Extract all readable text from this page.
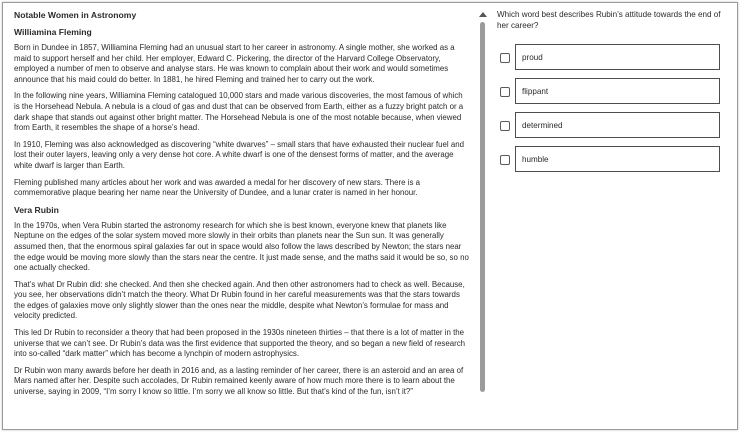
Notable Women in Astronomy
Williamina Fleming

Born in Dundee in 1857, Williamina Fleming had an unusual start to her career in astronomy. A single mother, she worked as a maid to support herself and her child. Her employer, Edward C. Pickering, the director of the Harvard College Observatory, employed a number of men to observe and analyse stars. He was known to complain about their work and would sometimes announce that his maid could do better. In 1881, he hired Fleming and trained her to carry out the work.

In the following nine years, Williamina Fleming catalogued 10,000 stars and made various discoveries, the most famous of which is the Horsehead Nebula. A nebula is a cloud of gas and dust that can be observed from Earth, either as a fuzzy bright patch or a dark shape that stands out against other bright matter. The Horsehead Nebula is one of the most notable because, when viewed from Earth, it resembles the shape of a horse’s head.

In 1910, Fleming was also acknowledged as discovering “white dwarves” – small stars that have exhausted their nuclear fuel and lost their outer layers, leaving only a very dense hot core. A white dwarf is one of the densest forms of matter, and the average white dwarf is larger than Earth.

Fleming published many articles about her work and was awarded a medal for her discovery of new stars. There is a commemorative plaque bearing her name near the University of Dundee, and a lunar crater is named in her honour.

Vera Rubin

In the 1970s, when Vera Rubin started the astronomy research for which she is best known, everyone knew that planets like Neptune on the edges of the solar system moved more slowly in their orbits than planets near the Sun sun. It was generally assumed then, that the enormous spiral galaxies far out in space would also follow the laws described by Newton; the stars near the edge would be moving more slowly than the stars near the centre. It just made sense, and the maths said it would be so, so no one actually checked.

That’s what Dr Rubin did: she checked. And then she checked again. And then other astronomers had to check as well. Because, you see, her observations didn’t match the theory. What Dr Rubin found in her careful measurements was that the stars towards the edges of galaxies move only slightly slower than the ones near the middle, despite what Newton’s formulae for mass and velocity predicted.

This led Dr Rubin to reconsider a theory that had been proposed in the 1930s nineteen thirties – that there is a lot of matter in the universe that we can’t see. Dr Rubin’s data was the first evidence that supported the theory, and so began a new field of research into so-called “dark matter” which has become a lynchpin of modern astrophysics.

Dr Rubin won many awards before her death in 2016 and, as a lasting reminder of her career, there is an asteroid and an area of Mars named after her. Despite such accolades, Dr Rubin remained keenly aware of how much more there is to learn about the universe, saying in 2009, “I’m sorry I know so little. I’m sorry we all know so little. But that’s kind of the fun, isn’t it?”

Which word best describes Rubin’s attitude towards the end of her career?
proud
flippant
determined
humble
